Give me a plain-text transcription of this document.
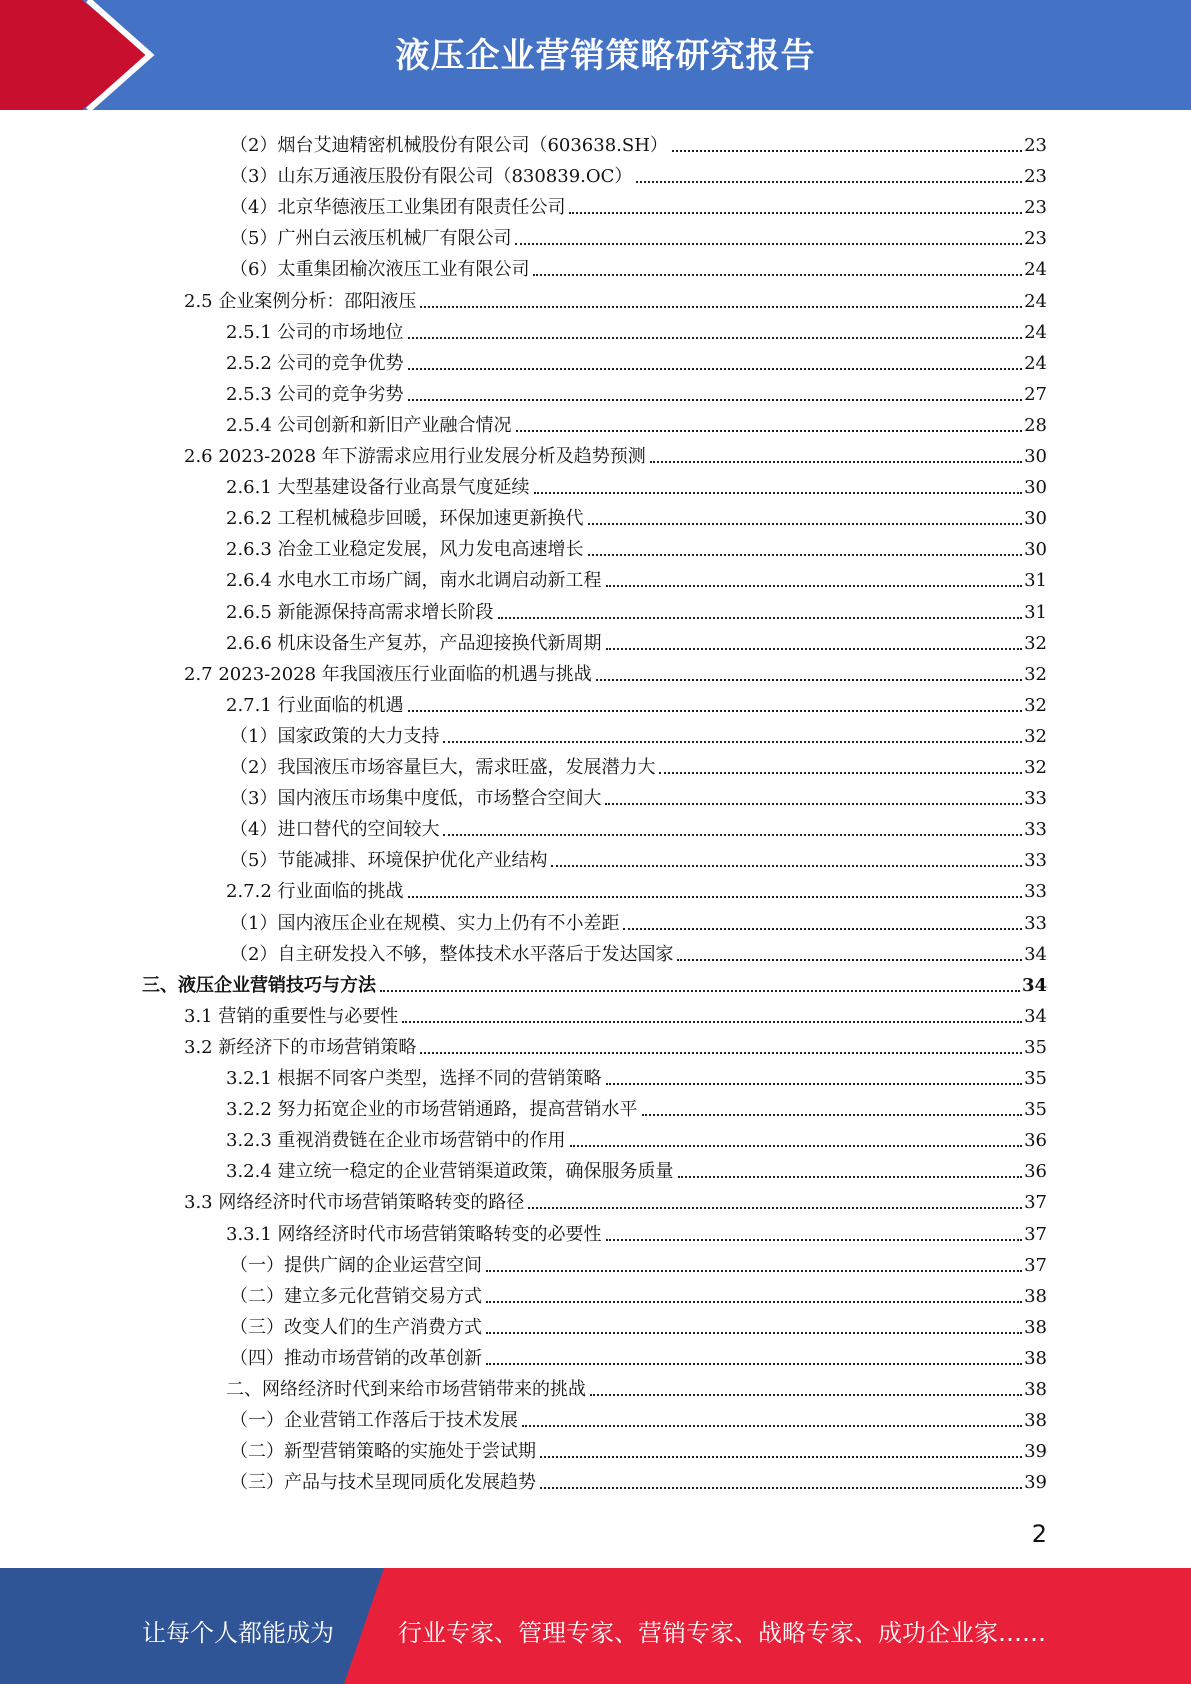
液压企业营销策略研究报告
（2）烟台艾迪精密机械股份有限公司（603638.SH）	23
（3）山东万通液压股份有限公司（830839.OC）	23
（4）北京华德液压工业集团有限责任公司	23
（5）广州白云液压机械厂有限公司	23
（6）太重集团榆次液压工业有限公司	24
2.5 企业案例分析：邵阳液压	24
2.5.1 公司的市场地位	24
2.5.2 公司的竞争优势	24
2.5.3 公司的竞争劣势	27
2.5.4 公司创新和新旧产业融合情况	28
2.6 2023-2028 年下游需求应用行业发展分析及趋势预测	30
2.6.1 大型基建设备行业高景气度延续	30
2.6.2 工程机械稳步回暖，环保加速更新换代	30
2.6.3 冶金工业稳定发展，风力发电高速增长	30
2.6.4 水电水工市场广阔，南水北调启动新工程	31
2.6.5 新能源保持高需求增长阶段	31
2.6.6 机床设备生产复苏，产品迎接换代新周期	32
2.7 2023-2028 年我国液压行业面临的机遇与挑战	32
2.7.1 行业面临的机遇	32
（1）国家政策的大力支持	32
（2）我国液压市场容量巨大，需求旺盛，发展潜力大	32
（3）国内液压市场集中度低，市场整合空间大	33
（4）进口替代的空间较大	33
（5）节能减排、环境保护优化产业结构	33
2.7.2 行业面临的挑战	33
（1）国内液压企业在规模、实力上仍有不小差距	33
（2）自主研发投入不够，整体技术水平落后于发达国家	34
三、液压企业营销技巧与方法	34
3.1 营销的重要性与必要性	34
3.2 新经济下的市场营销策略	35
3.2.1 根据不同客户类型，选择不同的营销策略	35
3.2.2 努力拓宽企业的市场营销通路，提高营销水平	35
3.2.3 重视消费链在企业市场营销中的作用	36
3.2.4 建立统一稳定的企业营销渠道政策，确保服务质量	36
3.3 网络经济时代市场营销策略转变的路径	37
3.3.1 网络经济时代市场营销策略转变的必要性	37
（一）提供广阔的企业运营空间	37
（二）建立多元化营销交易方式	38
（三）改变人们的生产消费方式	38
（四）推动市场营销的改革创新	38
二、网络经济时代到来给市场营销带来的挑战	38
（一）企业营销工作落后于技术发展	38
（二）新型营销策略的实施处于尝试期	39
（三）产品与技术呈现同质化发展趋势	39
2
让每个人都能成为	行业专家、管理专家、营销专家、战略专家、成功企业家……
